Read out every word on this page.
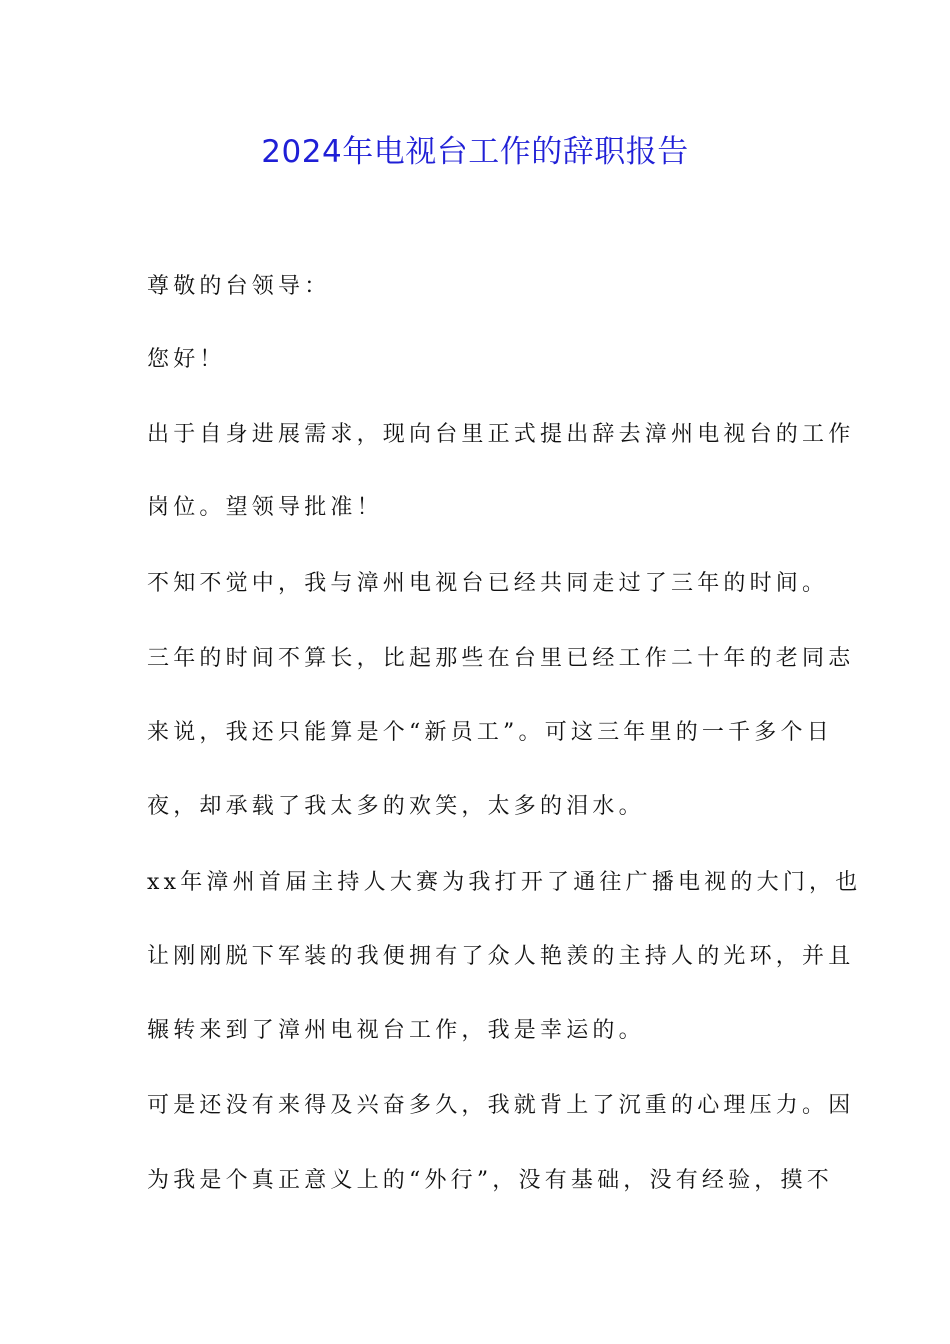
2024年电视台工作的辞职报告

尊敬的台领导：

您好！

出于自身进展需求，现向台里正式提出辞去漳州电视台的工作

岗位。望领导批准！

不知不觉中，我与漳州电视台已经共同走过了三年的时间。

三年的时间不算长，比起那些在台里已经工作二十年的老同志

来说，我还只能算是个“新员工”。可这三年里的一千多个日

夜，却承载了我太多的欢笑，太多的泪水。

xx年漳州首届主持人大赛为我打开了通往广播电视的大门，也

让刚刚脱下军装的我便拥有了众人艳羡的主持人的光环，并且

辗转来到了漳州电视台工作，我是幸运的。

可是还没有来得及兴奋多久，我就背上了沉重的心理压力。因

为我是个真正意义上的“外行”，没有基础，没有经验，摸不
